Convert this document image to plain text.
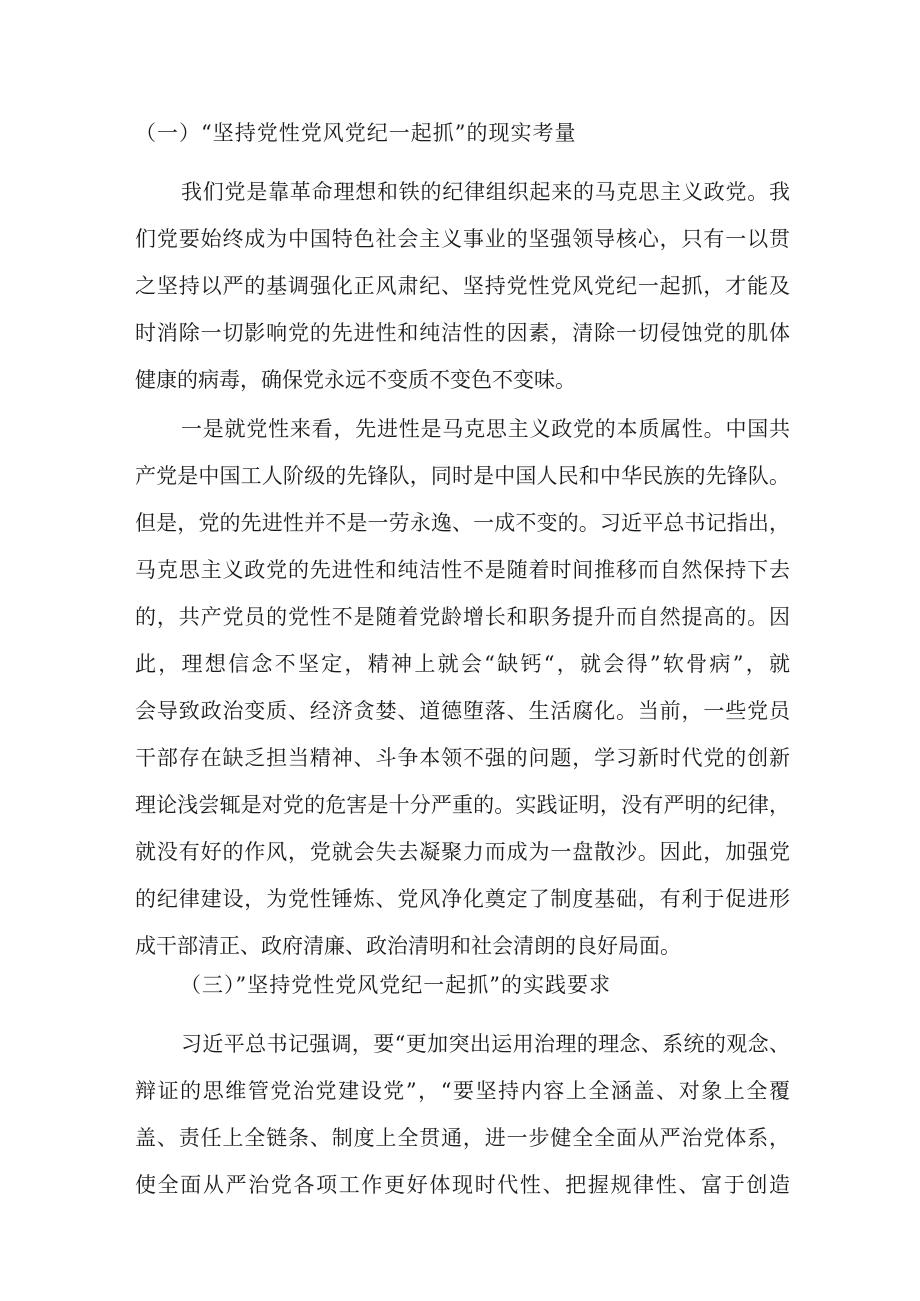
（一）“坚持党性党风党纪一起抓”的现实考量
我们党是靠革命理想和铁的纪律组织起来的马克思主义政党。我
们党要始终成为中国特色社会主义事业的坚强领导核心，只有一以贯
之坚持以严的基调强化正风肃纪、坚持党性党风党纪一起抓，才能及
时消除一切影响党的先进性和纯洁性的因素，清除一切侵蚀党的肌体
健康的病毒，确保党永远不变质不变色不变味。
一是就党性来看，先进性是马克思主义政党的本质属性。中国共
产党是中国工人阶级的先锋队，同时是中国人民和中华民族的先锋队。
但是，党的先进性并不是一劳永逸、一成不变的。习近平总书记指出，
马克思主义政党的先进性和纯洁性不是随着时间推移而自然保持下去
的，共产党员的党性不是随着党龄增长和职务提升而自然提高的。因
此，理想信念不坚定，精神上就会“缺钙“，就会得”软骨病”，就
会导致政治变质、经济贪婪、道德堕落、生活腐化。当前，一些党员
干部存在缺乏担当精神、斗争本领不强的问题，学习新时代党的创新
理论浅尝辄是对党的危害是十分严重的。实践证明，没有严明的纪律，
就没有好的作风，党就会失去凝聚力而成为一盘散沙。因此，加强党
的纪律建设，为党性锤炼、党风净化奠定了制度基础，有利于促进形
成干部清正、政府清廉、政治清明和社会清朗的良好局面。
（三）”坚持党性党风党纪一起抓”的实践要求
习近平总书记强调，要“更加突出运用治理的理念、系统的观念、
辩证的思维管党治党建设党”，“要坚持内容上全涵盖、对象上全覆
盖、责任上全链条、制度上全贯通，进一步健全全面从严治党体系，
使全面从严治党各项工作更好体现时代性、把握规律性、富于创造
